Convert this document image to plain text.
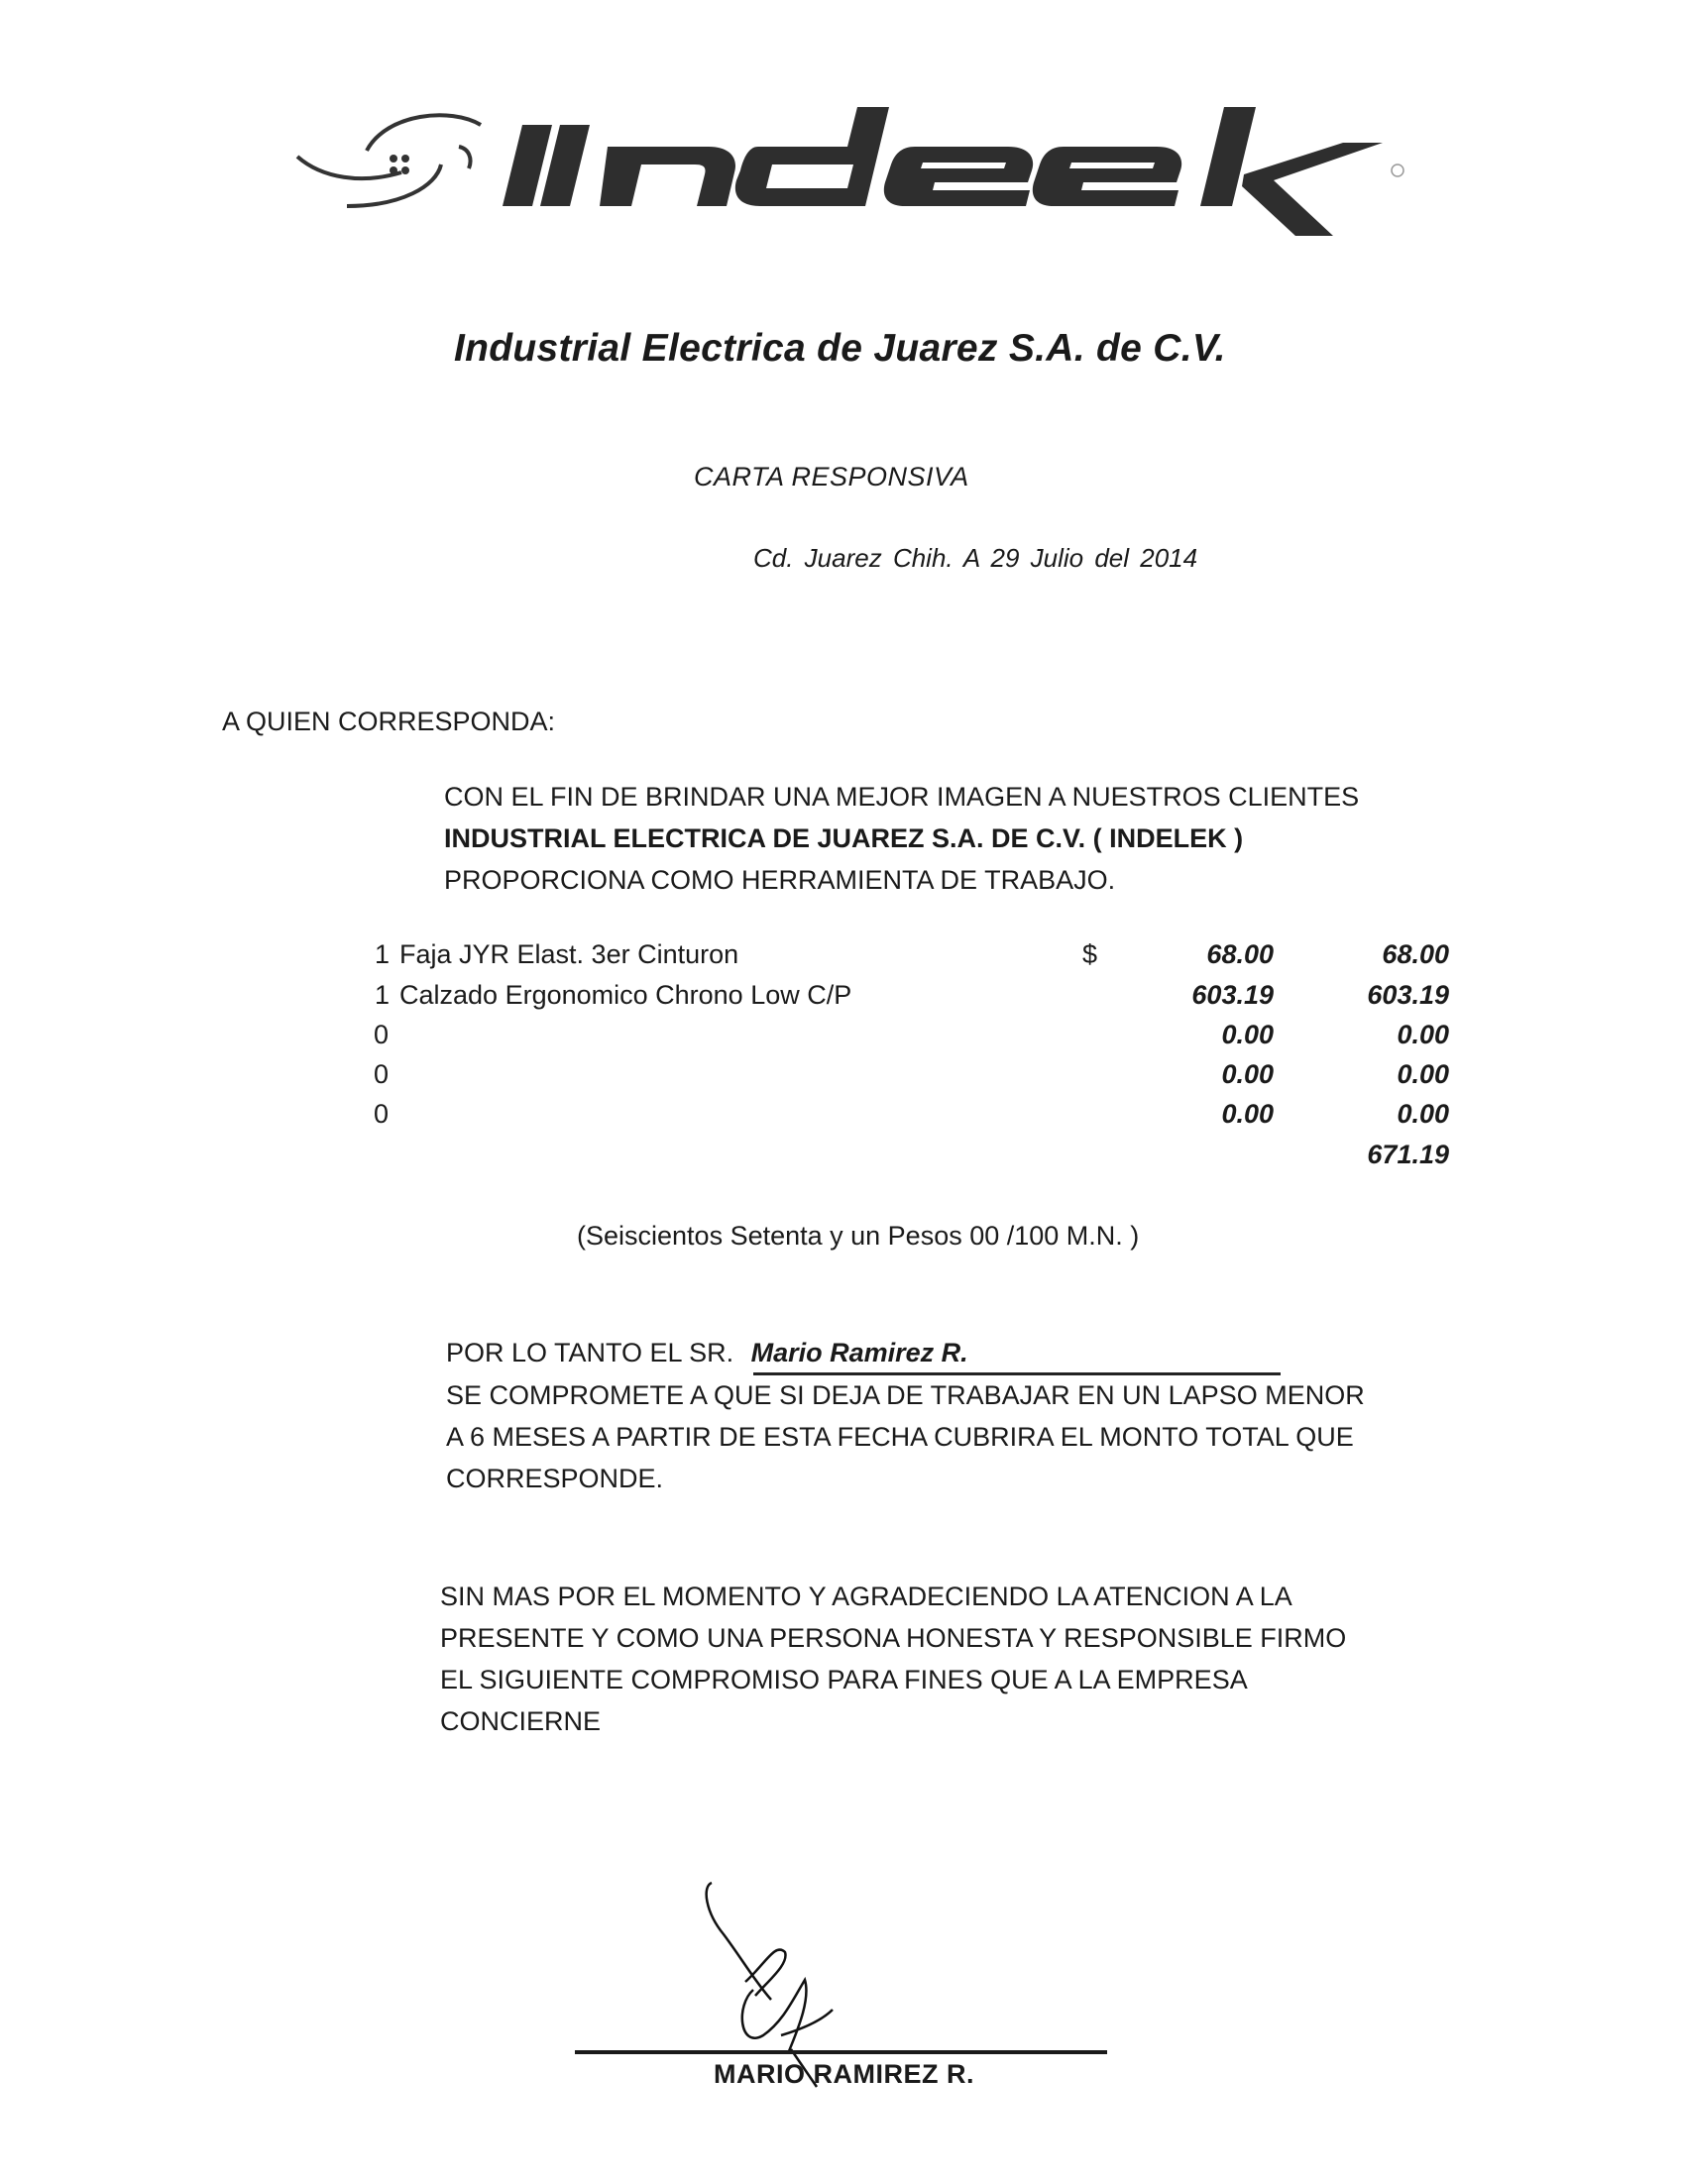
Industrial Electrica de Juarez S.A. de C.V.
CARTA RESPONSIVA
Cd. Juarez Chih. A 29 Julio del 2014
A QUIEN CORRESPONDA:
CON EL FIN DE BRINDAR UNA MEJOR IMAGEN A NUESTROS CLIENTES
INDUSTRIAL ELECTRICA DE JUAREZ S.A. DE C.V. ( INDELEK )
PROPORCIONA COMO HERRAMIENTA DE TRABAJO.
1 Faja JYR Elast. 3er Cinturon	$	68.00	68.00
1 Calzado Ergonomico Chrono Low C/P	603.19	603.19
0	0.00	0.00
0	0.00	0.00
0	0.00	0.00
671.19
(Seiscientos Setenta y un Pesos 00 /100 M.N. )
POR LO TANTO EL SR. Mario Ramirez R.
SE COMPROMETE A QUE SI DEJA DE TRABAJAR EN UN LAPSO MENOR
A 6 MESES A PARTIR DE ESTA FECHA CUBRIRA EL MONTO TOTAL QUE
CORRESPONDE.
SIN MAS POR EL MOMENTO Y AGRADECIENDO LA ATENCION A LA
PRESENTE Y COMO UNA PERSONA HONESTA Y RESPONSIBLE FIRMO
EL SIGUIENTE COMPROMISO PARA FINES QUE A LA EMPRESA
CONCIERNE
MARIO RAMIREZ R.
